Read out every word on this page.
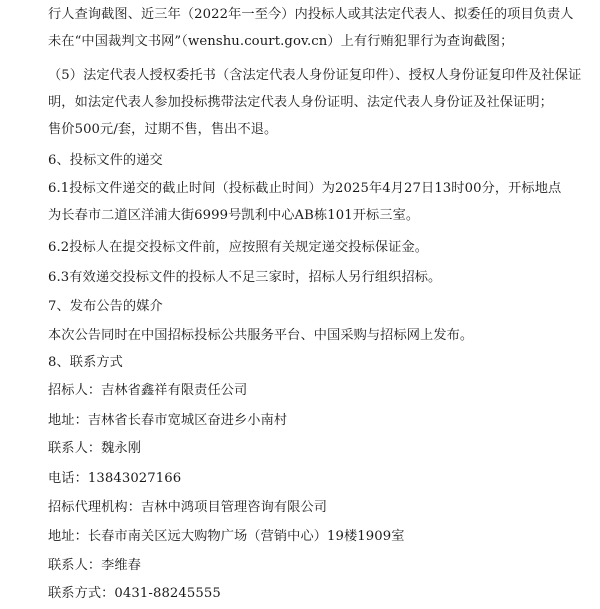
行人查询截图、近三年（2022年一至今）内投标人或其法定代表人、拟委任的项目负责人
未在“中国裁判文书网”（wenshu.court.gov.cn）上有行贿犯罪行为查询截图；
（5）法定代表人授权委托书（含法定代表人身份证复印件）、授权人身份证复印件及社保证
明，如法定代表人参加投标携带法定代表人身份证明、法定代表人身份证及社保证明；
售价500元/套，过期不售，售出不退。
6、投标文件的递交
6.1投标文件递交的截止时间（投标截止时间）为2025年4月27日13时00分，开标地点
为长春市二道区洋浦大街6999号凯利中心AB栋101开标三室。
6.2投标人在提交投标文件前，应按照有关规定递交投标保证金。
6.3有效递交投标文件的投标人不足三家时，招标人另行组织招标。
7、发布公告的媒介
本次公告同时在中国招标投标公共服务平台、中国采购与招标网上发布。
8、联系方式
招标人：吉林省鑫祥有限责任公司
地址：吉林省长春市宽城区奋进乡小南村
联系人：魏永刚
电话：13843027166
招标代理机构：吉林中鸿项目管理咨询有限公司
地址：长春市南关区远大购物广场（营销中心）19楼1909室
联系人：李维春
联系方式：0431-88245555
